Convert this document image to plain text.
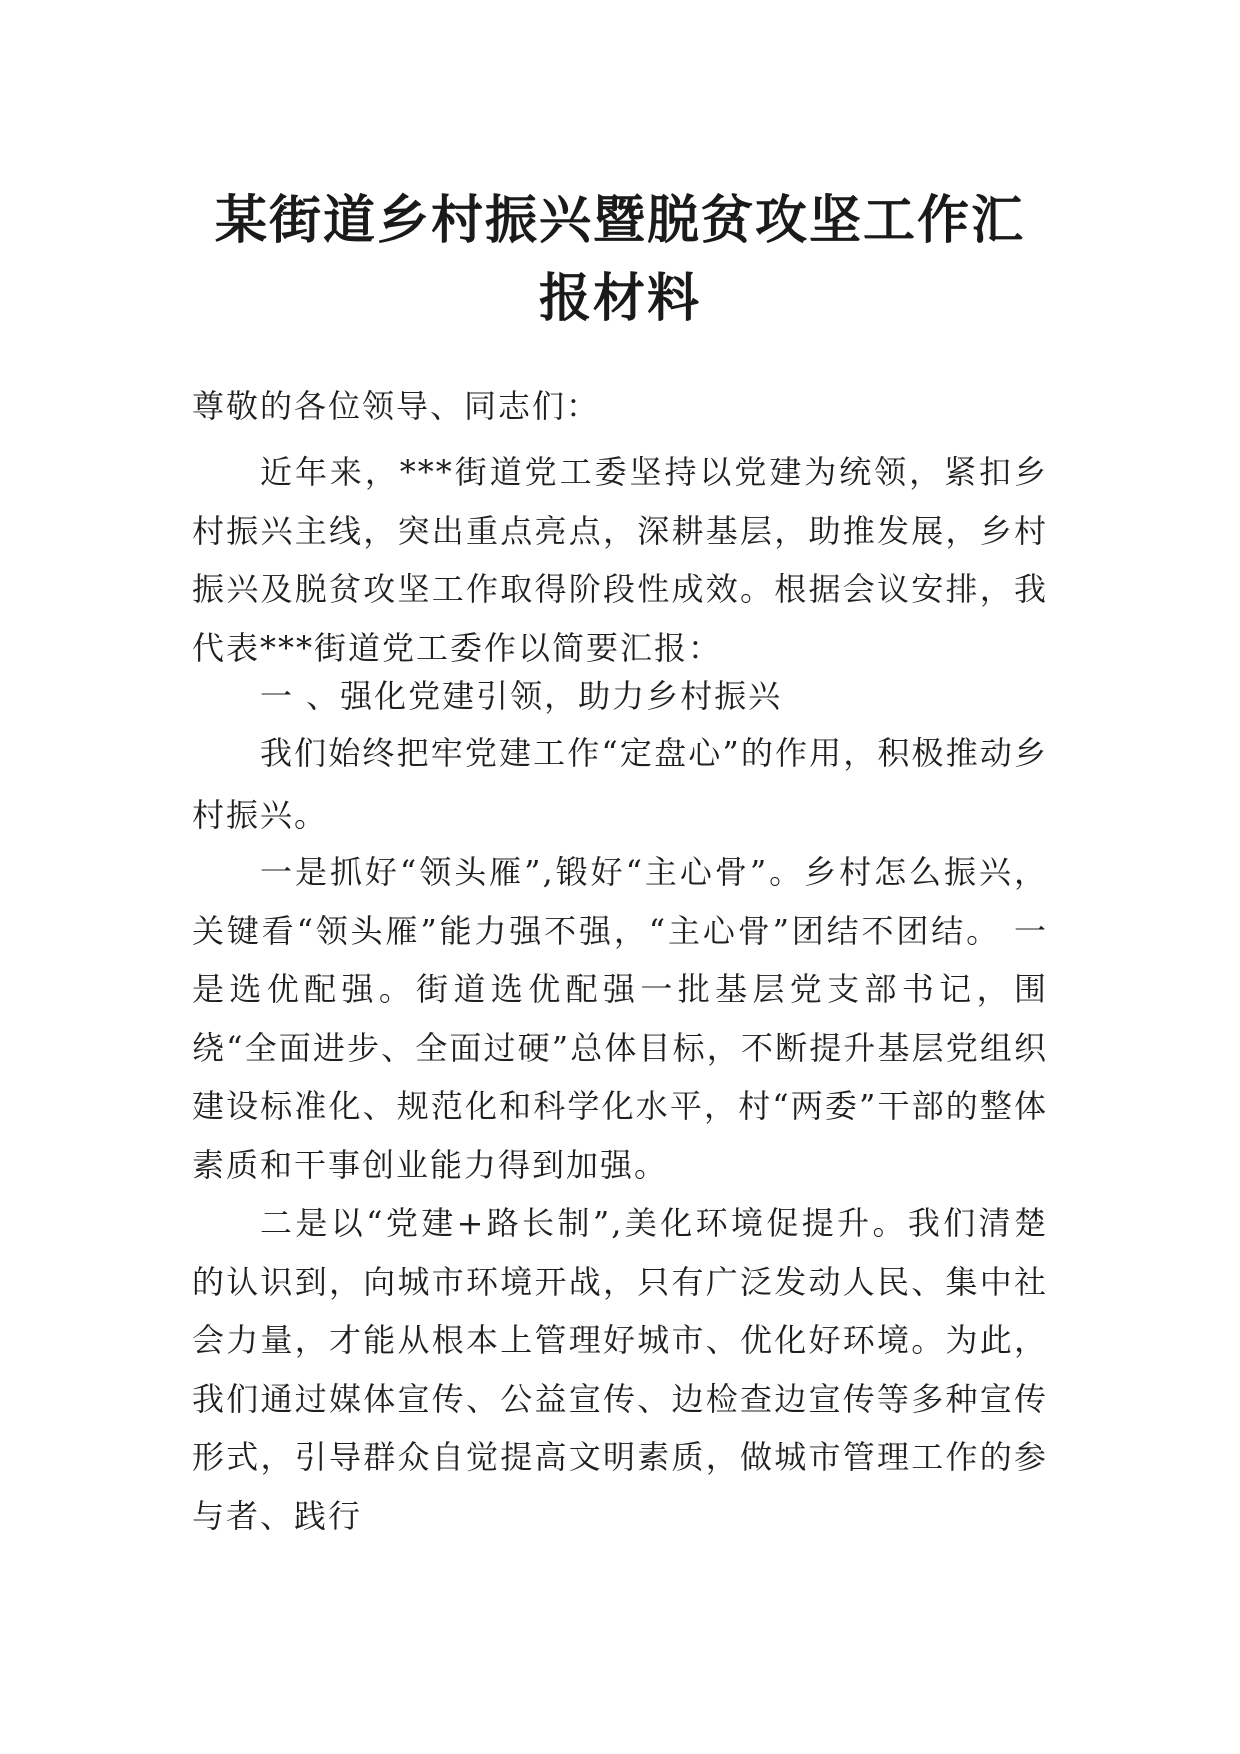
某街道乡村振兴暨脱贫攻坚工作汇报材料

尊敬的各位领导、同志们：

近年来，***街道党工委坚持以党建为统领，紧扣乡村振兴主线，突出重点亮点，深耕基层，助推发展，乡村振兴及脱贫攻坚工作取得阶段性成效。根据会议安排，我代表***街道党工委作以简要汇报：

一 、强化党建引领，助力乡村振兴

我们始终把牢党建工作“定盘心”的作用，积极推动乡村振兴。

一是抓好“领头雁”,锻好“主心骨”。乡村怎么振兴，关键看“领头雁”能力强不强，“主心骨”团结不团结。 一是选优配强。街道选优配强一批基层党支部书记，围绕“全面进步、全面过硬”总体目标，不断提升基层党组织建设标准化、规范化和科学化水平，村“两委”干部的整体素质和干事创业能力得到加强。

二是以“党建+路长制”,美化环境促提升。我们清楚的认识到，向城市环境开战，只有广泛发动人民、集中社会力量，才能从根本上管理好城市、优化好环境。为此，我们通过媒体宣传、公益宣传、边检查边宣传等多种宣传形式，引导群众自觉提高文明素质，做城市管理工作的参与者、践行
